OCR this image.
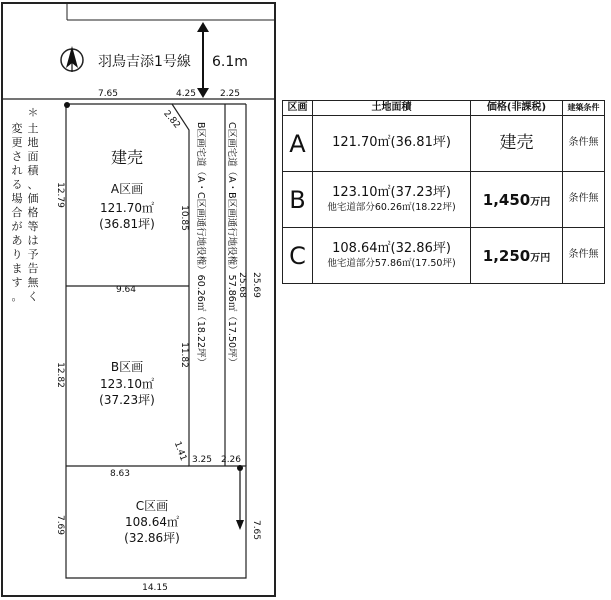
羽鳥吉添1号線 6.1m
＊
土
地
面
積
、
価
格
等
は
予
告
無
く
変
更
さ
れ
る
場
合
が
あ
り
ま
す
。
7.65	4.25	2.25
2.82
12.79
10.85
25.69
25.68
9.64
12.82
11.82
1.41
8.63
3.25 2.26
7.69	7.65
14.15
建売
A区画
121.70㎡
(36.81坪)
B区画
123.10㎡
(37.23坪)
C区画
108.64㎡
(32.86坪)
B区画宅道（A・C区画通行地役権）60.26㎡（18.22坪） C区画宅道（A・B区画通行地役権）57.86㎡（17.50坪）
区画	土地面積	価格(非課税)	建築条件
A	121.70㎡(36.81坪)	建売	条件無
B	123.10㎡(37.23坪)
他宅道部分60.26㎡(18.22坪)	1,450万円	条件無
C	108.64㎡(32.86坪)
他宅道部分57.86㎡(17.50坪)	1,250万円	条件無
